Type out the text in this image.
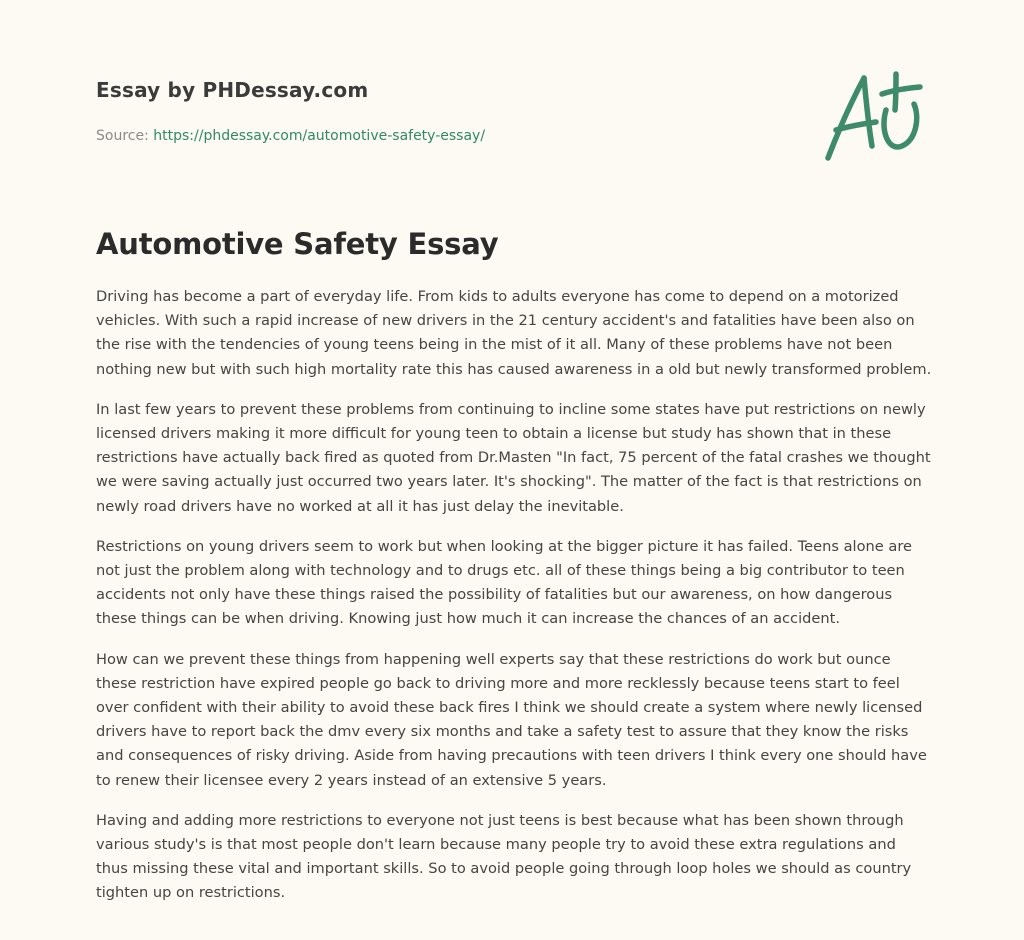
Essay by PHDessay.com
Source: https://phdessay.com/automotive-safety-essay/
Automotive Safety Essay

Driving has become a part of everyday life. From kids to adults everyone has come to depend on a motorized vehicles. With such a rapid increase of new drivers in the 21 century accident's and fatalities have been also on the rise with the tendencies of young teens being in the mist of it all. Many of these problems have not been nothing new but with such high mortality rate this has caused awareness in a old but newly transformed problem.

In last few years to prevent these problems from continuing to incline some states have put restrictions on newly licensed drivers making it more difficult for young teen to obtain a license but study has shown that in these restrictions have actually back fired as quoted from Dr.Masten "In fact, 75 percent of the fatal crashes we thought we were saving actually just occurred two years later. It's shocking". The matter of the fact is that restrictions on newly road drivers have no worked at all it has just delay the inevitable.

Restrictions on young drivers seem to work but when looking at the bigger picture it has failed. Teens alone are not just the problem along with technology and to drugs etc. all of these things being a big contributor to teen accidents not only have these things raised the possibility of fatalities but our awareness, on how dangerous these things can be when driving. Knowing just how much it can increase the chances of an accident.

How can we prevent these things from happening well experts say that these restrictions do work but ounce these restriction have expired people go back to driving more and more recklessly because teens start to feel over confident with their ability to avoid these back fires I think we should create a system where newly licensed drivers have to report back the dmv every six months and take a safety test to assure that they know the risks and consequences of risky driving. Aside from having precautions with teen drivers I think every one should have to renew their licensee every 2 years instead of an extensive 5 years.

Having and adding more restrictions to everyone not just teens is best because what has been shown through various study's is that most people don't learn because many people try to avoid these extra regulations and thus missing these vital and important skills. So to avoid people going through loop holes we should as country tighten up on restrictions.
